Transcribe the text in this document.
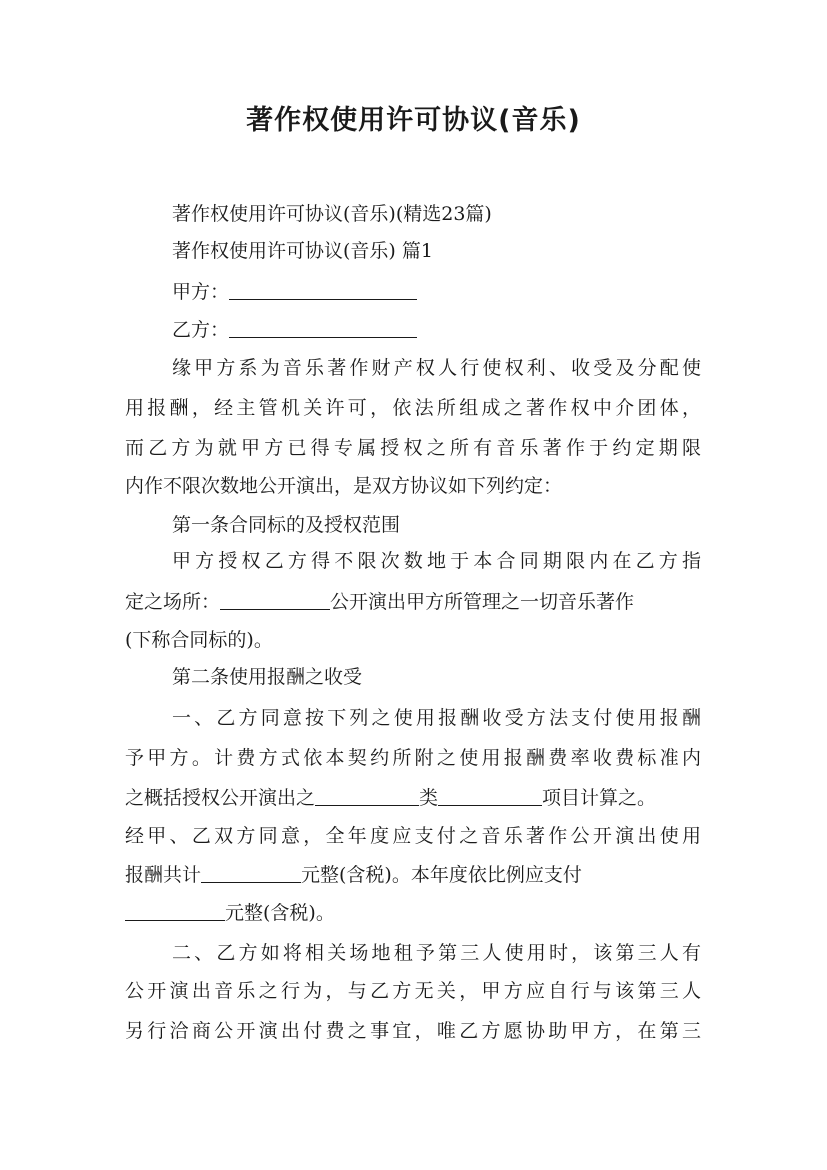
著作权使用许可协议(音乐)

著作权使用许可协议(音乐)(精选23篇)

著作权使用许可协议(音乐) 篇1

甲方：

乙方：

缘甲方系为音乐著作财产权人行使权利、收受及分配使

用报酬，经主管机关许可，依法所组成之著作权中介团体，

而乙方为就甲方已得专属授权之所有音乐著作于约定期限

内作不限次数地公开演出，是双方协议如下列约定：

第一条合同标的及授权范围

甲方授权乙方得不限次数地于本合同期限内在乙方指

定之场所：	公开演出甲方所管理之一切音乐著作

(下称合同标的)。

第二条使用报酬之收受

一、乙方同意按下列之使用报酬收受方法支付使用报酬

予甲方。计费方式依本契约所附之使用报酬费率收费标准内

之概括授权公开演出之	类	项目计算之。

经甲、乙双方同意，全年度应支付之音乐著作公开演出使用

报酬共计	元整(含税)。本年度依比例应支付

元整(含税)。

二、乙方如将相关场地租予第三人使用时，该第三人有

公开演出音乐之行为，与乙方无关，甲方应自行与该第三人

另行洽商公开演出付费之事宜，唯乙方愿协助甲方，在第三
